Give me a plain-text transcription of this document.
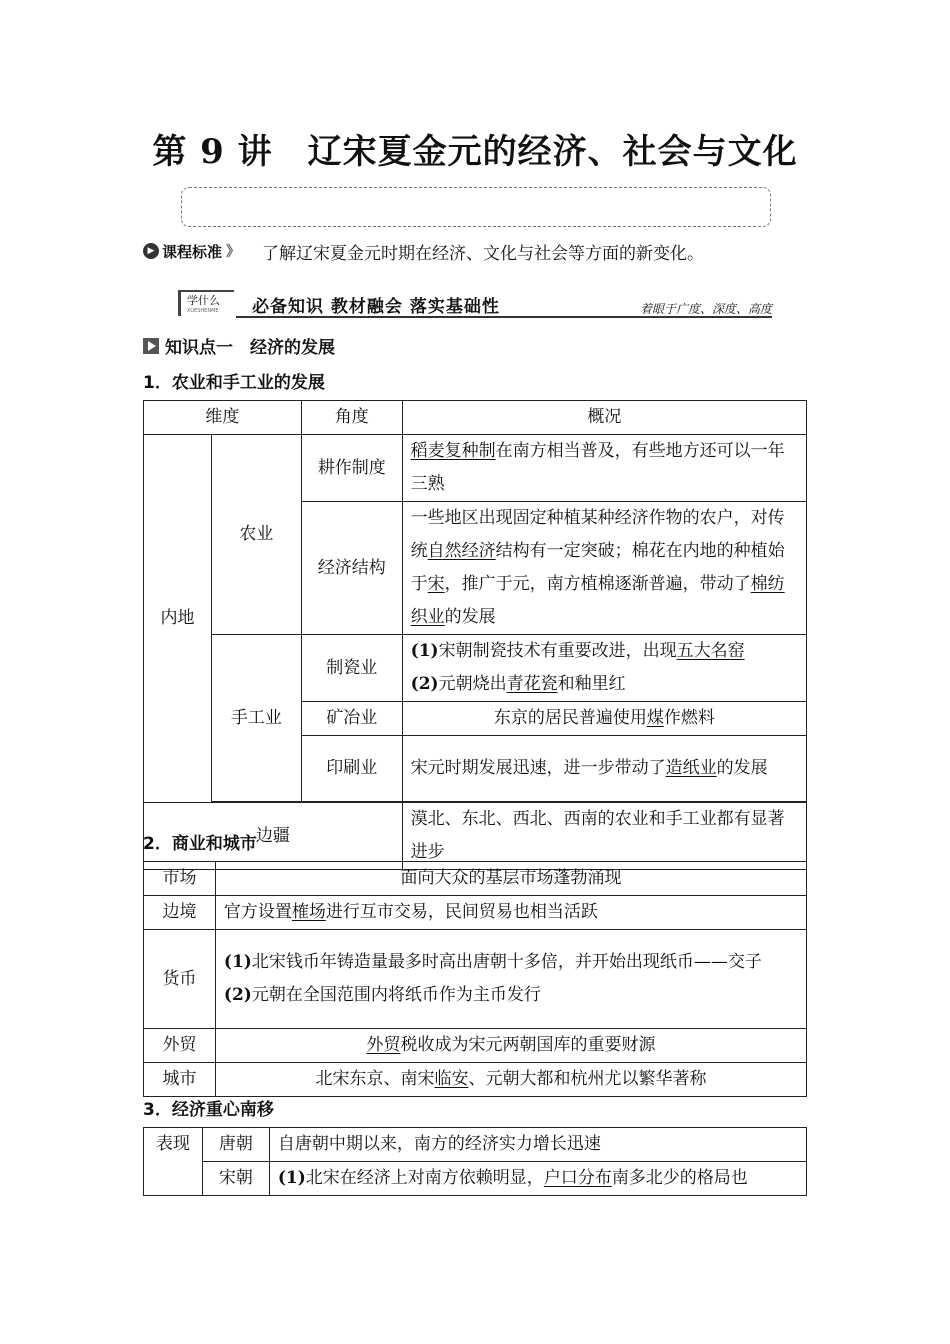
第 9 讲　辽宋夏金元的经济、社会与文化
▶ 课程标准 》 了解辽宋夏金元时期在经济、文化与社会等方面的新变化。
学什么
XUESHENME	必备知识 教材融会 落实基础性	着眼于广度、深度、高度
知识点一　经济的发展
1．农业和手工业的发展
维度		角度	概况
内地	农业	耕作制度	稻麦复种制在南方相当普及，有些地方还可以一年三熟
		经济结构	一些地区出现固定种植某种经济作物的农户，对传统自然经济结构有一定突破；棉花在内地的种植始于宋，推广于元，南方植棉逐渐普遍，带动了棉纺织业的发展
	手工业	制瓷业	(1)宋朝制瓷技术有重要改进，出现五大名窑
(2)元朝烧出青花瓷和釉里红
		矿冶业	东京的居民普遍使用煤作燃料
		印刷业	宋元时期发展迅速，进一步带动了造纸业的发展

边疆			漠北、东北、西北、西南的农业和手工业都有显著进步
2．商业和城市
市场	面向大众的基层市场蓬勃涌现
边境	官方设置榷场进行互市交易，民间贸易也相当活跃
货币	(1)北宋钱币年铸造量最多时高出唐朝十多倍，并开始出现纸币——交子
(2)元朝在全国范围内将纸币作为主币发行
外贸	外贸税收成为宋元两朝国库的重要财源
城市	北宋东京、南宋临安、元朝大都和杭州尤以繁华著称
3．经济重心南移
表现	唐朝	自唐朝中期以来，南方的经济实力增长迅速
	宋朝	(1)北宋在经济上对南方依赖明显，户口分布南多北少的格局也
